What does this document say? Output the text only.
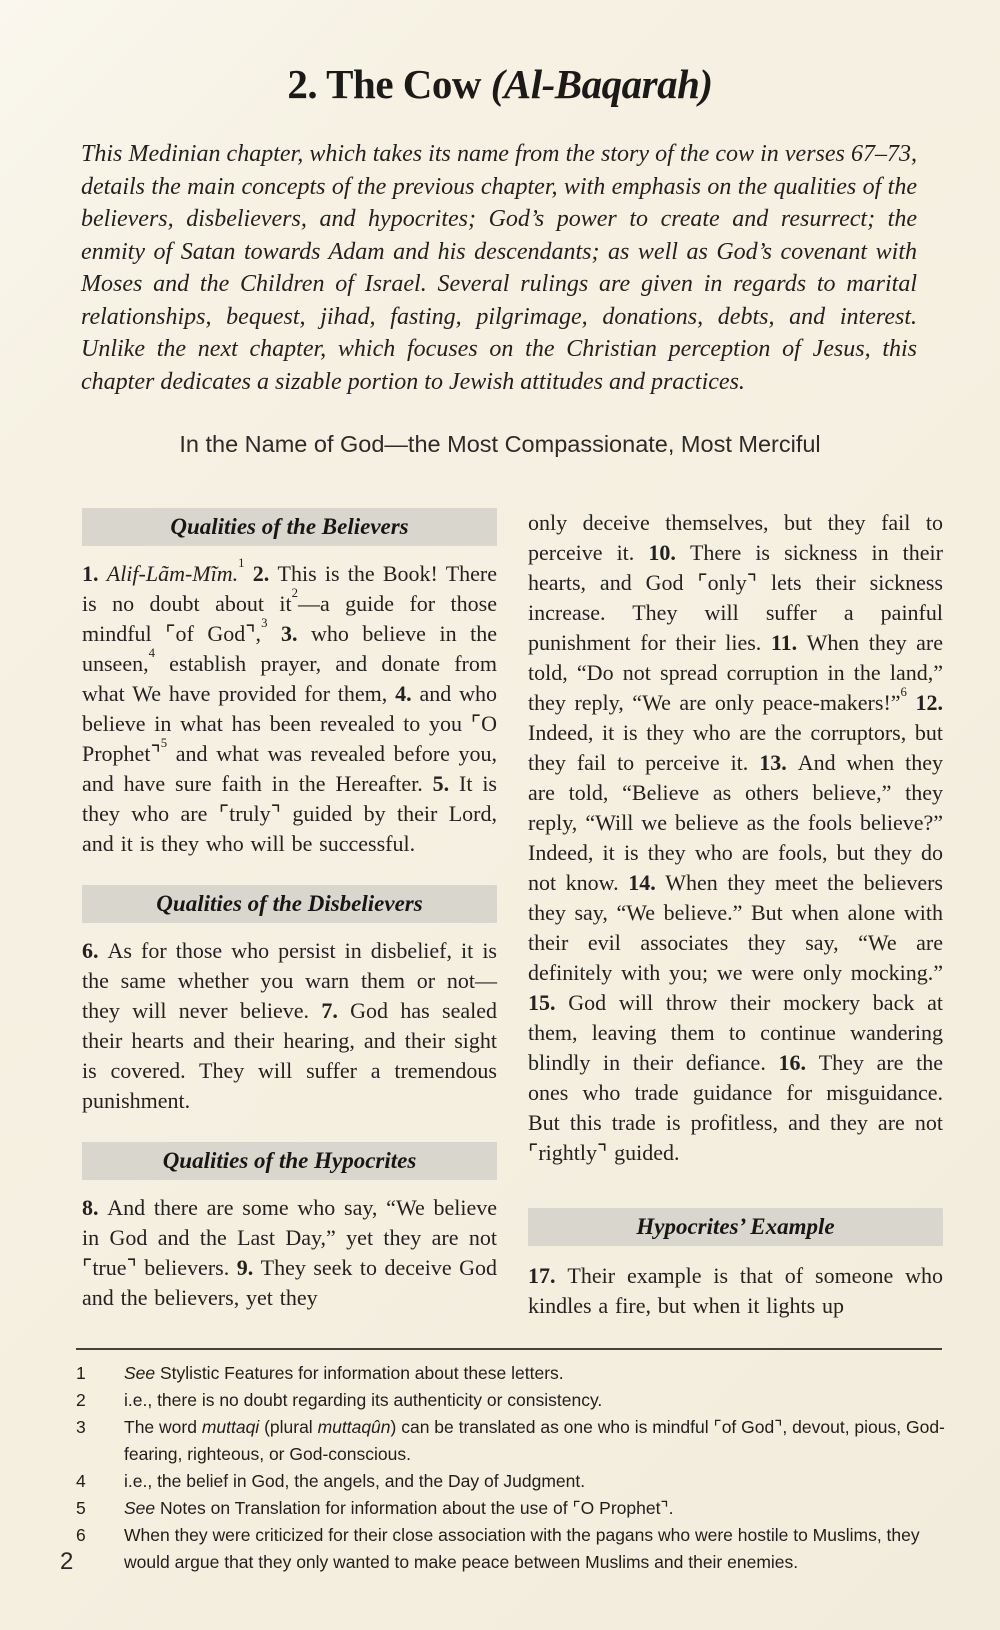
2. The Cow (Al-Baqarah)
This Medinian chapter, which takes its name from the story of the cow in verses 67–73, details the main concepts of the previous chapter, with emphasis on the qualities of the believers, disbelievers, and hypocrites; God’s power to create and resurrect; the enmity of Satan towards Adam and his descendants; as well as God’s covenant with Moses and the Children of Israel. Several rulings are given in regards to marital relationships, bequest, jihad, fasting, pilgrimage, donations, debts, and interest. Unlike the next chapter, which focuses on the Christian perception of Jesus, this chapter dedicates a sizable portion to Jewish attitudes and practices.
In the Name of God—the Most Compassionate, Most Merciful
Qualities of the Believers

1. Alif-Lãm-Mĩm.$^1$ 2. This is the Book! There is no doubt about it$^2$—a guide for those mindful ⌜of God⌝,$^3$ 3. who believe in the unseen,$^4$ establish prayer, and donate from what We have provided for them, 4. and who believe in what has been revealed to you ⌜O Prophet⌝$^5$ and what was revealed before you, and have sure faith in the Hereafter. 5. It is they who are ⌜truly⌝ guided by their Lord, and it is they who will be successful.

Qualities of the Disbelievers

6. As for those who persist in disbelief, it is the same whether you warn them or not—they will never believe. 7. God has sealed their hearts and their hearing, and their sight is covered. They will suffer a tremendous punishment.

Qualities of the Hypocrites

8. And there are some who say, “We believe in God and the Last Day,” yet they are not ⌜true⌝ believers. 9. They seek to deceive God and the believers, yet they

only deceive themselves, but they fail to perceive it. 10. There is sickness in their hearts, and God ⌜only⌝ lets their sickness increase. They will suffer a painful punishment for their lies. 11. When they are told, “Do not spread corruption in the land,” they reply, “We are only peace-makers!”$^6$ 12. Indeed, it is they who are the corruptors, but they fail to perceive it. 13. And when they are told, “Believe as others believe,” they reply, “Will we believe as the fools believe?” Indeed, it is they who are fools, but they do not know. 14. When they meet the believers they say, “We believe.” But when alone with their evil associates they say, “We are definitely with you; we were only mocking.” 15. God will throw their mockery back at them, leaving them to continue wandering blindly in their defiance. 16. They are the ones who trade guidance for misguidance. But this trade is profitless, and they are not ⌜rightly⌝ guided.

Hypocrites’ Example

17. Their example is that of someone who kindles a fire, but when it lights up

1	See Stylistic Features for information about these letters.
2	i.e., there is no doubt regarding its authenticity or consistency.
3	The word muttaqi (plural muttaqûn) can be translated as one who is mindful ⌜of God⌝, devout, pious, God-fearing, righteous, or God-conscious.
4	i.e., the belief in God, the angels, and the Day of Judgment.
5	See Notes on Translation for information about the use of ⌜O Prophet⌝.
6	When they were criticized for their close association with the pagans who were hostile to Muslims, they would argue that they only wanted to make peace between Muslims and their enemies.
2
